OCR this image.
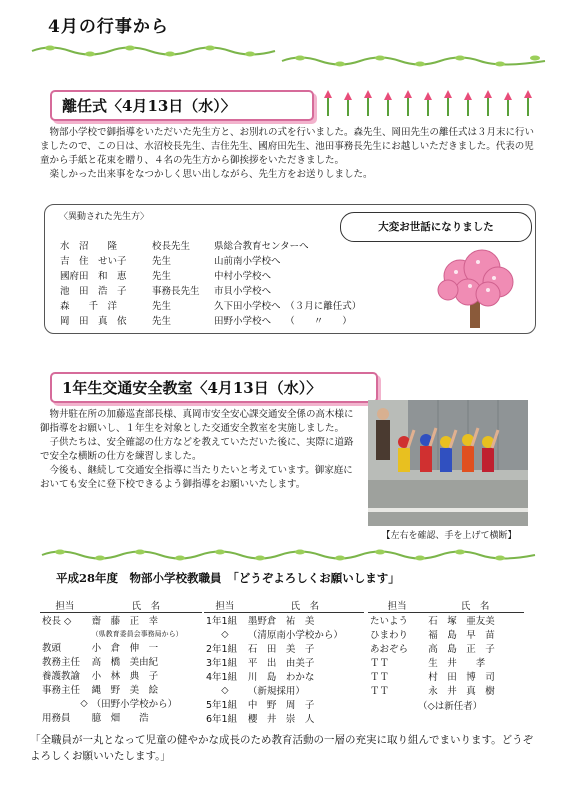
4月の行事から
離任式〈4月13日（水）〉

物部小学校で御指導をいただいた先生方と、お別れの式を行いました。森先生、岡田先生の離任式は３月末に行いましたので、この日は、水沼校長先生、吉住先生、國府田先生、池田事務長先生にお越しいただきました。代表の児童から手紙と花束を贈り、４名の先生方から御挨拶をいただきました。

楽しかった出来事をなつかしく思い出しながら、先生方をお送りしました。

〈異動された先生方〉
大変お世話になりました
水　沼　　隆	校長先生	県総合教育センターへ
吉　住　せい子	先生	山前南小学校へ
國府田　和　恵	先生	中村小学校へ
池　田　浩　子	事務長先生 市貝小学校へ
森　　千　洋	先生	久下田小学校へ　（３月に離任式）
岡　田　真　依	先生	田野小学校へ　　（　　〃　　）
1年生交通安全教室〈4月13日（水）〉

物井駐在所の加藤巡査部長様、真岡市安全安心課交通安全係の高木様に御指導をお願いし、１年生を対象とした交通安全教室を実施しました。

子供たちは、安全確認の仕方などを教えていただいた後に、実際に道路で安全な横断の仕方を練習しました。

今後も、継続して交通安全指導に当たりたいと考えています。御家庭においても安全に登下校できるよう御指導をお願いいたします。

【左右を確認、手を上げて横断】
平成28年度　物部小学校教職員　「どうぞよろしくお願いします」
担当	氏　名
校長 ◇	齋　藤　正　幸
	（県教育委員会事務局から）
教頭	小　倉　伸　一
教務主任	高　橋　美由紀
養護教諭	小　林　典　子
事務主任	縄　野　美　絵
◇	（田野小学校から）
用務員	臆　畑　　浩
担当	氏　名
1年1組	墨野倉　祐　美
◇	（清原南小学校から）
2年1組	石　田　美　子
3年1組	平　出　由美子
4年1組	川　島　わかな
◇	（新規採用）
5年1組	中　野　周　子
6年1組	櫻　井　崇　人
担当	氏　名
たいよう	石　塚　亜友美
ひまわり	福　島　早　苗
あおぞら	高　島　正　子
ＴＴ	生　井　　孝
ＴＴ	村　田　博　司
ＴＴ	永　井　真　樹
（◇は新任者）
「全職員が一丸となって児童の健やかな成長のため教育活動の一層の充実に取り組んでまいります。どうぞよろしくお願いいたします。」
